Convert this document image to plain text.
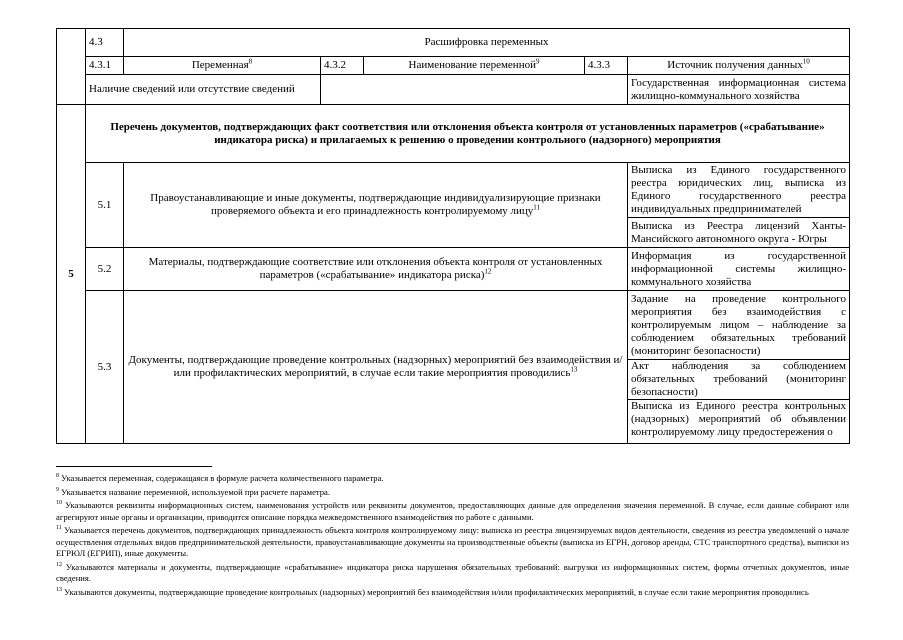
	4.3	Расшифровка переменных				
	4.3.1	Переменная$^8$	4.3.2	Наименование переменной$^9$	4.3.3	Источник получения данных$^{10}$
	Наличие сведений или отсутствие сведений					Государственная информационная система жилищно-коммунального хозяйства
5	Перечень документов, подтверждающих факт соответствия или отклонения объекта контроля от установленных параметров («срабатывание» индикатора риска) и прилагаемых к решению о проведении контрольного (надзорного) мероприятия					
	5.1	Правоустанавливающие и иные документы, подтверждающие индивидуализирующие признаки проверяемого объекта и его принадлежность контролируемому лицу$^{11}$				Выписка из Единого государственного реестра юридических лиц, выписка из Единого государственного реестра индивидуальных предпринимателей
						Выписка из Реестра лицензий Ханты-Мансийского автономного округа - Югры
	5.2	Материалы, подтверждающие соответствие или отклонения объекта контроля от установленных параметров («срабатывание» индикатора риска)$^{12}$				Информация из государственной информационной системы жилищно-коммунального хозяйства
	5.3	Документы, подтверждающие проведение контрольных (надзорных) мероприятий без взаимодействия и/или профилактических мероприятий, в случае если такие мероприятия проводились$^{13}$				Задание на проведение контрольного мероприятия без взаимодействия с контролируемым лицом – наблюдение за соблюдением обязательных требований (мониторинг безопасности)
						Акт наблюдения за соблюдением обязательных требований (мониторинг безопасности)
						Выписка из Единого реестра контрольных (надзорных) мероприятий об объявлении контролируемому лицу предостережения о

$^8$ Указывается переменная, содержащаяся в формуле расчета количественного параметра.

$^9$ Указывается название переменной, используемой при расчете параметра.

$^{10}$ Указываются реквизиты информационных систем, наименования устройств или реквизиты документов, предоставляющих данные для определения значения переменной. В случае, если данные собирают или агрегируют иные органы и организации, приводится описание порядка межведомственного взаимодействия по работе с данными.

$^{11}$ Указывается перечень документов, подтверждающих принадлежность объекта контроля контролируемому лицу: выписка из реестра лицензируемых видов деятельности, сведения из реестра уведомлений о начале осуществления отдельных видов предпринимательской деятельности, правоустанавливающие документы на производственные объекты (выписка из ЕГРН, договор аренды, СТС транспортного средства), выписки из ЕГРЮЛ (ЕГРИП), иные документы.

$^{12}$ Указываются материалы и документы, подтверждающие «срабатывание» индикатора риска нарушения обязательных требований: выгрузки из информационных систем, формы отчетных документов, иные сведения.

$^{13}$ Указываются документы, подтверждающие проведение контрольных (надзорных) мероприятий без взаимодействия и/или профилактических мероприятий, в случае если такие мероприятия проводились
